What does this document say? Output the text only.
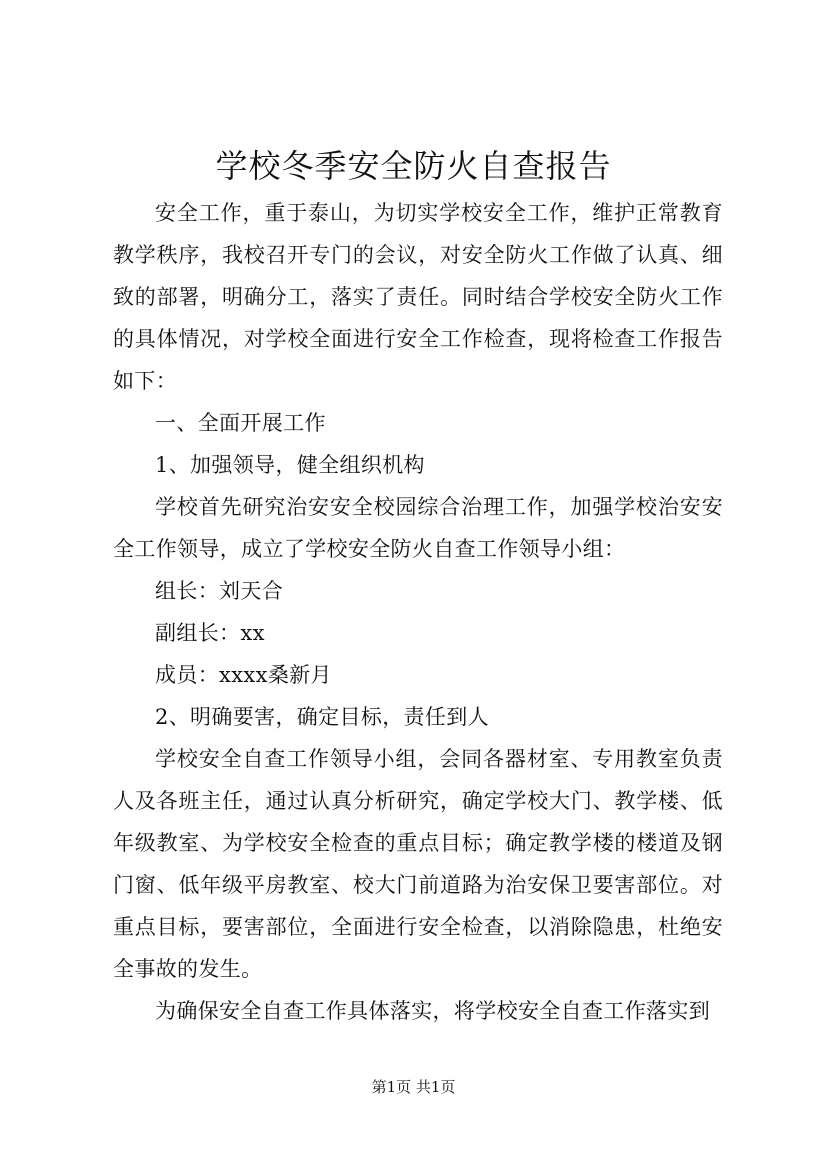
学校冬季安全防火自查报告

安全工作，重于泰山，为切实学校安全工作，维护正常教育教学秩序，我校召开专门的会议，对安全防火工作做了认真、细致的部署，明确分工，落实了责任。同时结合学校安全防火工作的具体情况，对学校全面进行安全工作检查，现将检查工作报告如下：

一、全面开展工作

1、加强领导，健全组织机构

学校首先研究治安安全校园综合治理工作，加强学校治安安全工作领导，成立了学校安全防火自查工作领导小组：

组长：刘天合

副组长：xx

成员：xxxx桑新月

2、明确要害，确定目标，责任到人

学校安全自查工作领导小组，会同各器材室、专用教室负责人及各班主任，通过认真分析研究，确定学校大门、教学楼、低年级教室、为学校安全检查的重点目标；确定教学楼的楼道及钢门窗、低年级平房教室、校大门前道路为治安保卫要害部位。对重点目标，要害部位，全面进行安全检查，以消除隐患，杜绝安全事故的发生。

为确保安全自查工作具体落实，将学校安全自查工作落实到

第1页 共1页
